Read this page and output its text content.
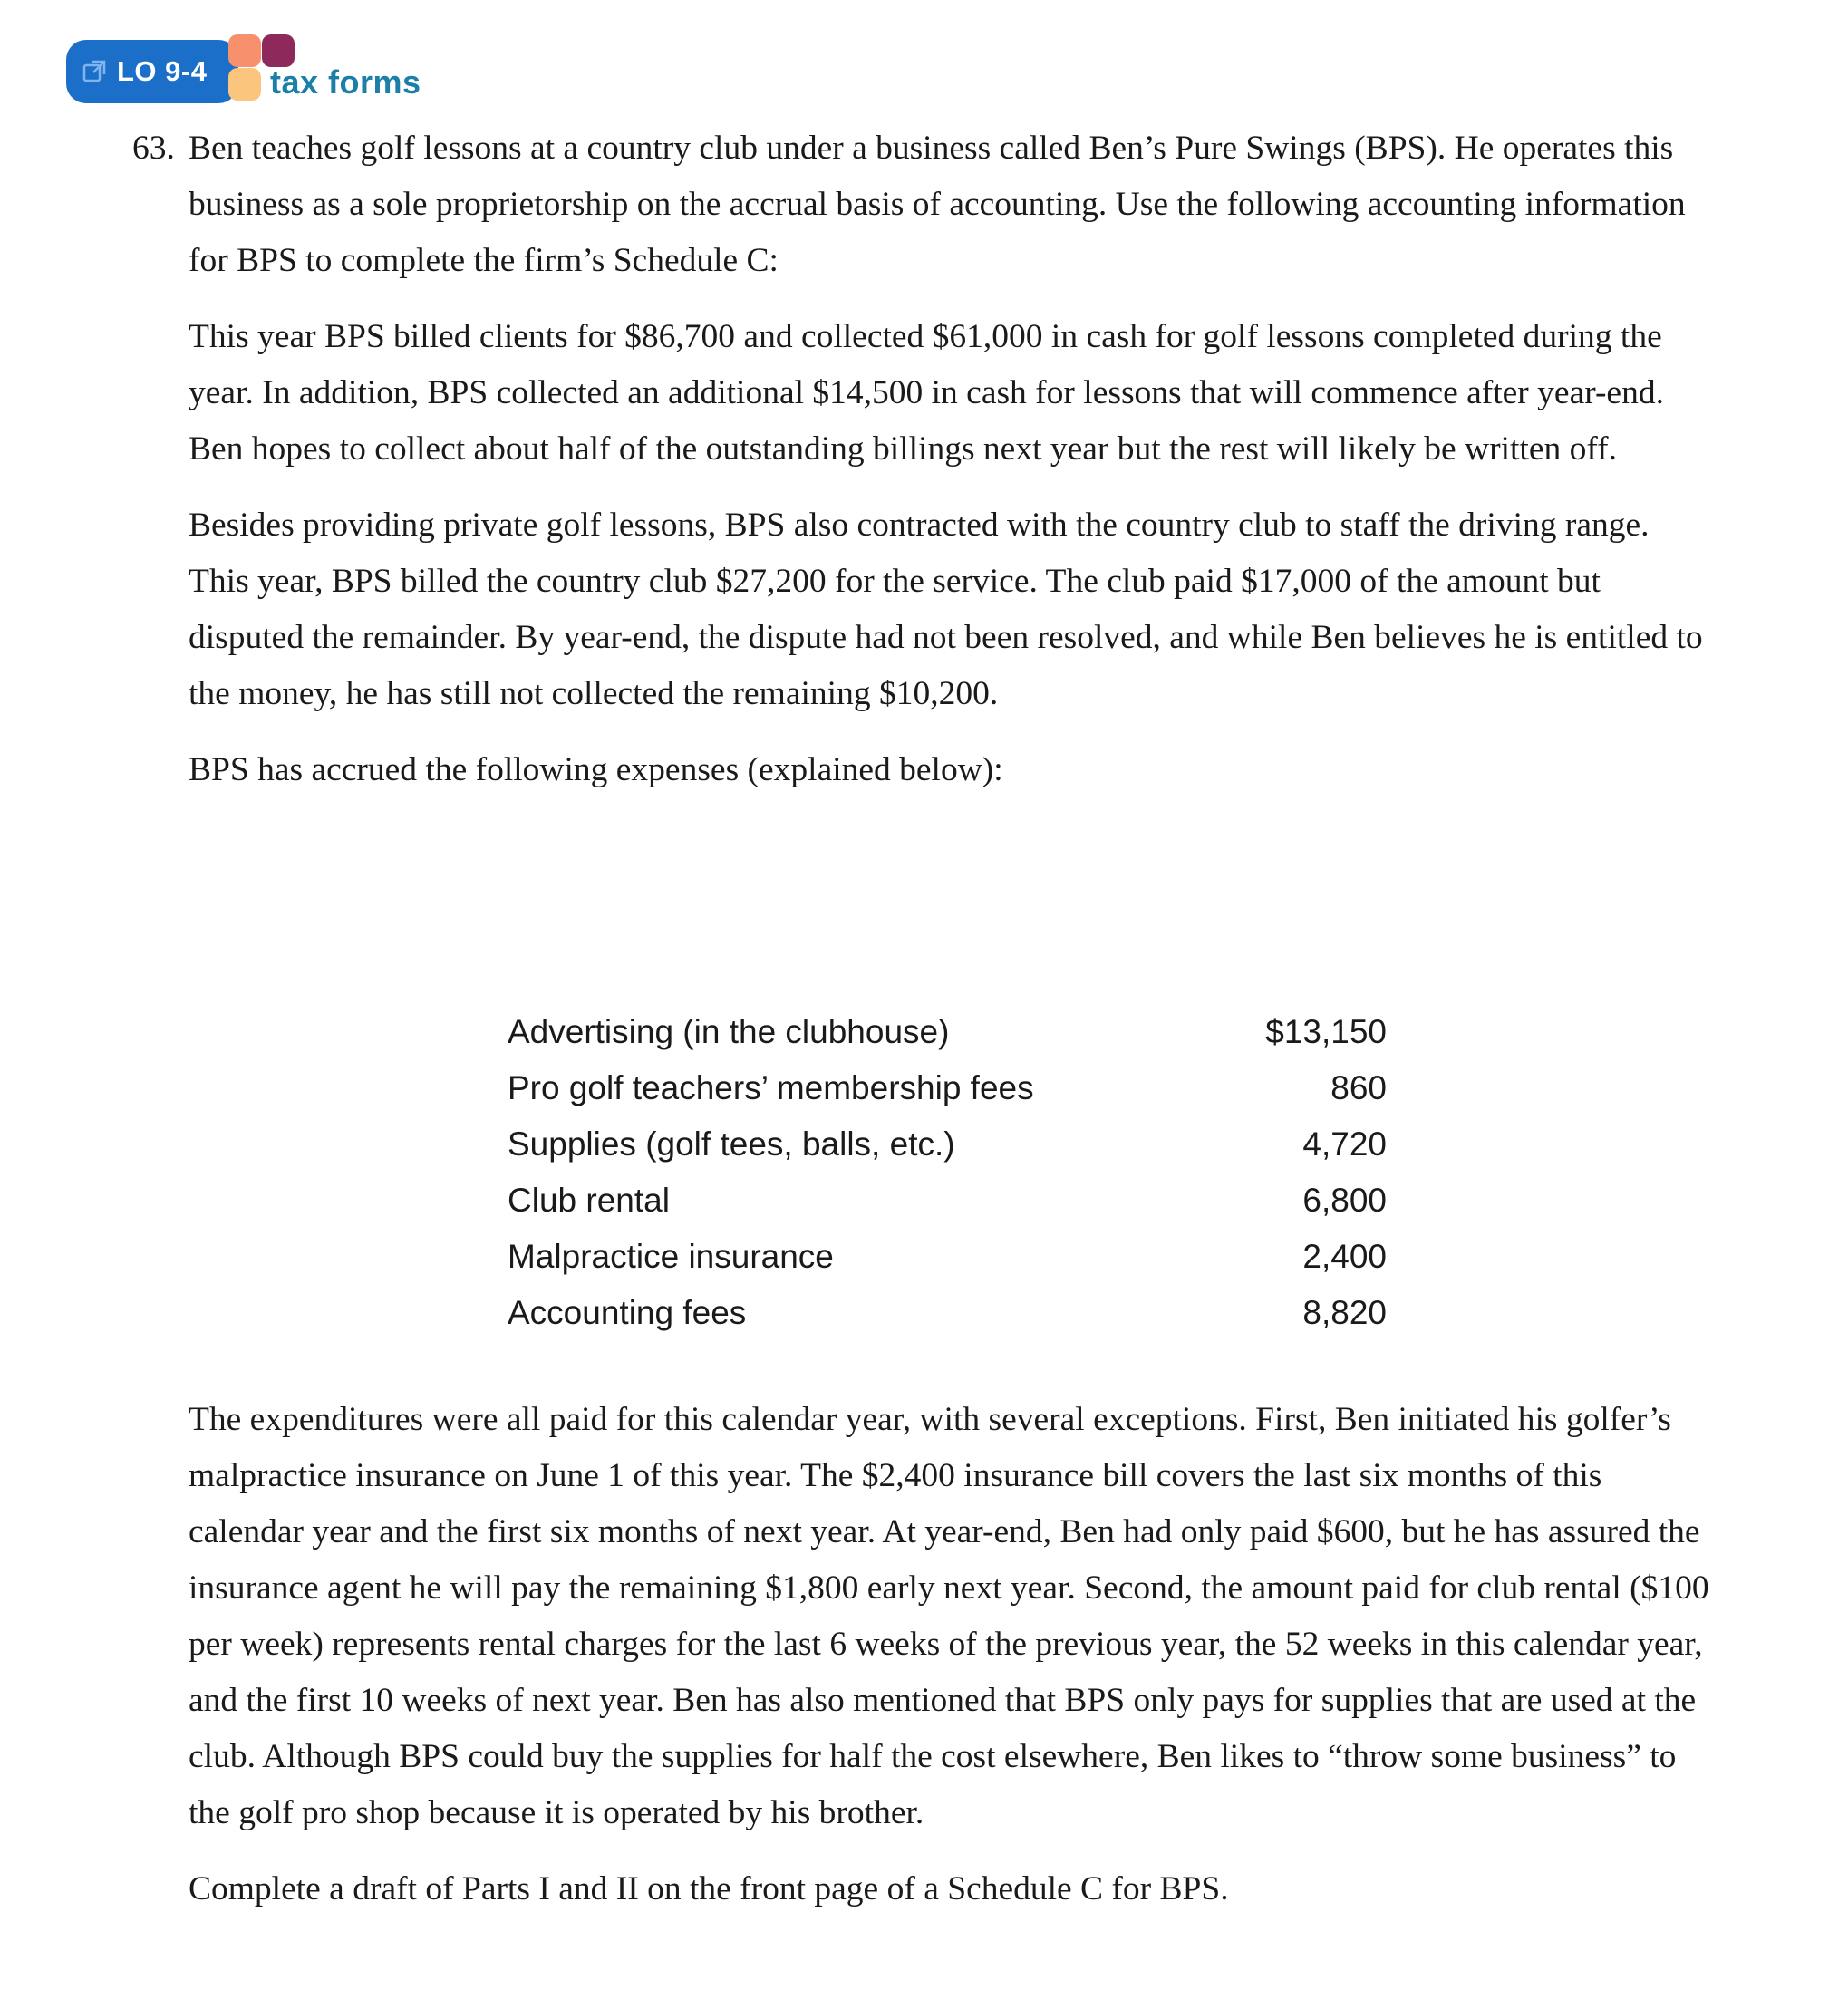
LO 9-4 tax forms
63. Ben teaches golf lessons at a country club under a business called Ben’s Pure Swings (BPS). He operates this business as a sole proprietorship on the accrual basis of accounting. Use the following accounting information for BPS to complete the firm’s Schedule C:

This year BPS billed clients for $86,700 and collected $61,000 in cash for golf lessons completed during the year. In addition, BPS collected an additional $14,500 in cash for lessons that will commence after year-end. Ben hopes to collect about half of the outstanding billings next year but the rest will likely be written off.

Besides providing private golf lessons, BPS also contracted with the country club to staff the driving range. This year, BPS billed the country club $27,200 for the service. The club paid $17,000 of the amount but disputed the remainder. By year-end, the dispute had not been resolved, and while Ben believes he is entitled to the money, he has still not collected the remaining $10,200.

BPS has accrued the following expenses (explained below):

Advertising (in the clubhouse)	$13,150
Pro golf teachers’ membership fees	860
Supplies (golf tees, balls, etc.)	4,720
Club rental	6,800
Malpractice insurance	2,400
Accounting fees	8,820

The expenditures were all paid for this calendar year, with several exceptions. First, Ben initiated his golfer’s malpractice insurance on June 1 of this year. The $2,400 insurance bill covers the last six months of this calendar year and the first six months of next year. At year-end, Ben had only paid $600, but he has assured the insurance agent he will pay the remaining $1,800 early next year. Second, the amount paid for club rental ($100 per week) represents rental charges for the last 6 weeks of the previous year, the 52 weeks in this calendar year, and the first 10 weeks of next year. Ben has also mentioned that BPS only pays for supplies that are used at the club. Although BPS could buy the supplies for half the cost elsewhere, Ben likes to “throw some business” to the golf pro shop because it is operated by his brother.

Complete a draft of Parts I and II on the front page of a Schedule C for BPS.
